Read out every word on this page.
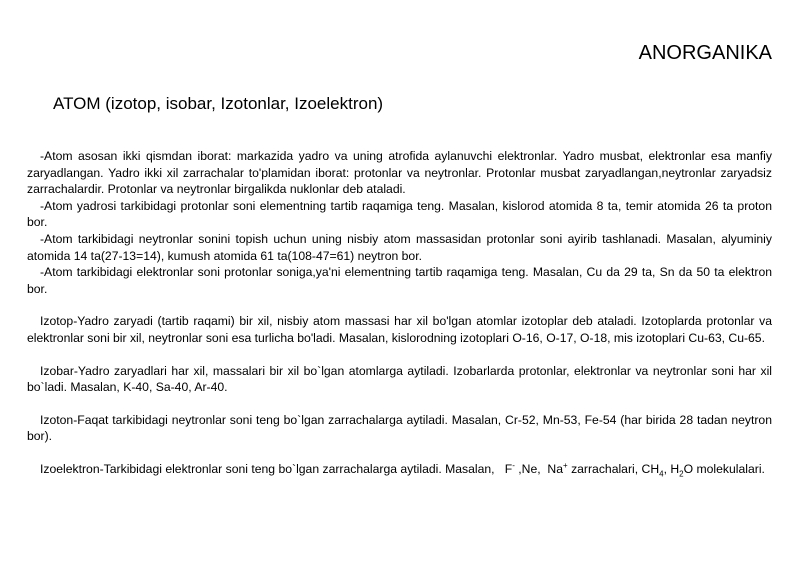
ANORGANIKA
ATOM (izotop, isobar, Izotonlar, Izoelektron)

-Atom asosan ikki qismdan iborat: markazida yadro va uning atrofida aylanuvchi elektronlar. Yadro musbat, elektronlar esa manfiy zaryadlangan. Yadro ikki xil zarrachalar to'plamidan iborat: protonlar va neytronlar. Protonlar musbat zaryadlangan,neytronlar zaryadsiz zarrachalardir. Protonlar va neytronlar birgalikda nuklonlar deb ataladi.

-Atom yadrosi tarkibidagi protonlar soni elementning tartib raqamiga teng. Masalan, kislorod atomida 8 ta, temir atomida 26 ta proton bor.

-Atom tarkibidagi neytronlar sonini topish uchun uning nisbiy atom massasidan protonlar soni ayirib tashlanadi. Masalan, alyuminiy atomida 14 ta(27-13=14), kumush atomida 61 ta(108-47=61) neytron bor.

-Atom tarkibidagi elektronlar soni protonlar soniga,ya'ni elementning tartib raqamiga teng. Masalan, Cu da 29 ta, Sn da 50 ta elektron bor.

Izotop-Yadro zaryadi (tartib raqami) bir xil, nisbiy atom massasi har xil bo'lgan atomlar izotoplar deb ataladi. Izotoplarda protonlar va elektronlar soni bir xil, neytronlar soni esa turlicha bo'ladi. Masalan, kislorodning izotoplari O-16, O-17, O-18, mis izotoplari Cu-63, Cu-65.

Izobar-Yadro zaryadlari har xil, massalari bir xil bo`lgan atomlarga aytiladi. Izobarlarda protonlar, elektronlar va neytronlar soni har xil bo`ladi. Masalan, K-40, Sa-40, Ar-40.

Izoton-Faqat tarkibidagi neytronlar soni teng bo`lgan zarrachalarga aytiladi. Masalan, Cr-52, Mn-53, Fe-54 (har birida 28 tadan neytron bor).

Izoelektron-Tarkibidagi elektronlar soni teng bo`lgan zarrachalarga aytiladi. Masalan, F- ,Ne, Na+ zarrachalari, $CH_4$, $H_2O$ molekulalari.
